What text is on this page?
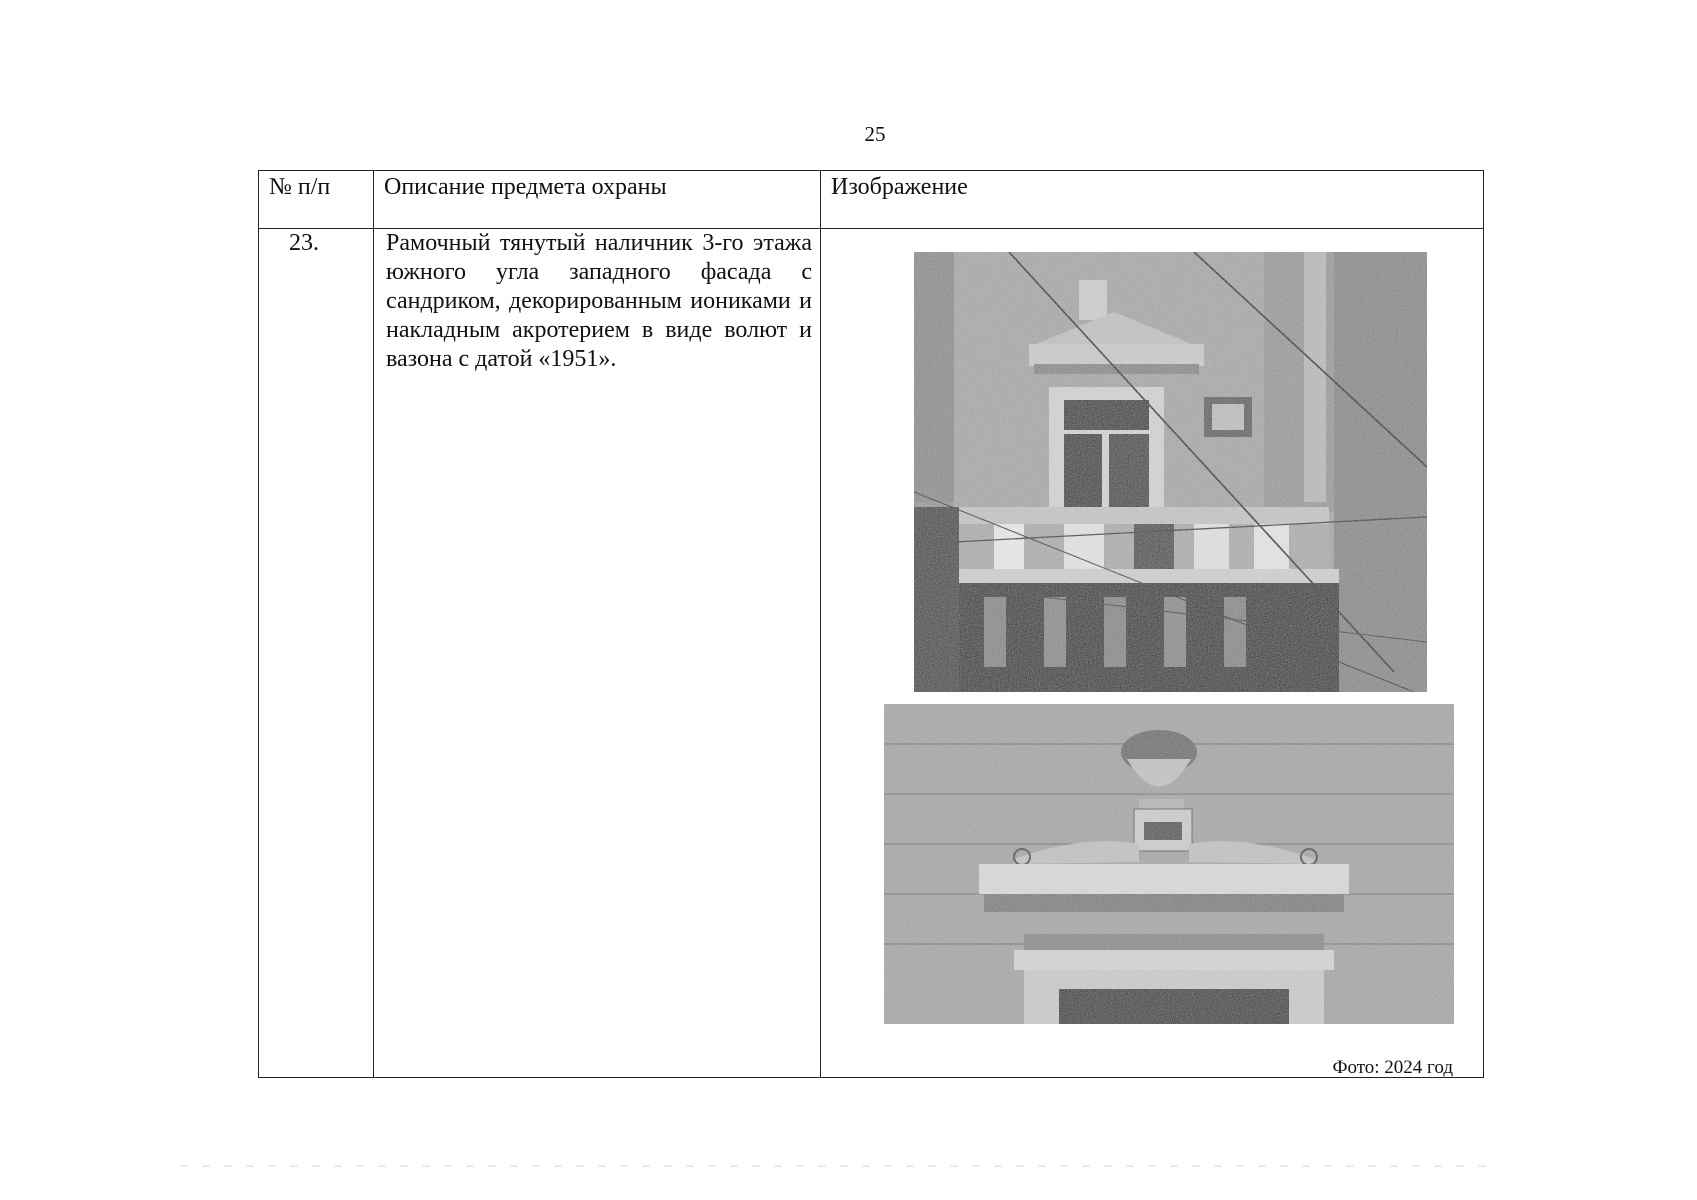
25
№ п/п	Описание предмета охраны	Изображение
23.	Рамочный тянутый наличник 3-го этажа южного угла западного фасада с сандриком, декорированным иониками и накладным акротерием в виде волют и вазона с датой «1951».	Фото: 2024 год
